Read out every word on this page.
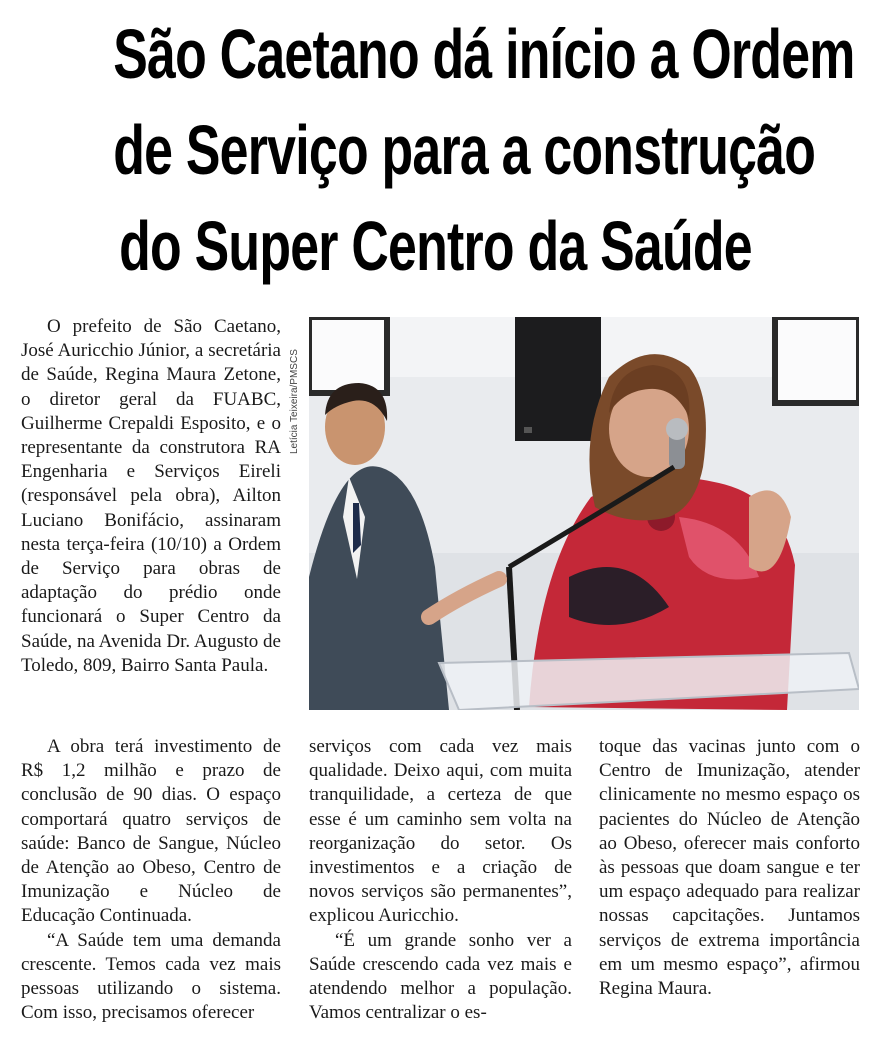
São Caetano dá início a Ordem
de Serviço para a construção
do Super Centro da Saúde

O prefeito de São Caetano, José Auricchio Júnior, a secretária de Saúde, Regina Maura Zetone, o diretor geral da FUABC, Guilherme Crepaldi Esposito, e o representante da construtora RA Engenharia e Serviços Eireli (responsável pela obra), Ailton Luciano Bonifácio, assinaram nesta terça-feira (10/10) a Ordem de Serviço para obras de adaptação do prédio onde funcionará o Super Centro da Saúde, na Avenida Dr. Augusto de Toledo, 809, Bairro Santa Paula.

Letícia Teixeira/PMSCS

A obra terá investimento de R$ 1,2 milhão e prazo de conclusão de 90 dias. O espaço comportará quatro serviços de saúde: Banco de Sangue, Núcleo de Atenção ao Obeso, Centro de Imunização e Núcleo de Educação Continuada.

“A Saúde tem uma demanda crescente. Temos cada vez mais pessoas utilizando o sistema. Com isso, precisamos oferecer

serviços com cada vez mais qualidade. Deixo aqui, com muita tranquilidade, a certeza de que esse é um caminho sem volta na reorganização do setor. Os investimentos e a criação de novos serviços são permanentes”, explicou Auricchio.

“É um grande sonho ver a Saúde crescendo cada vez mais e atendendo melhor a população. Vamos centralizar o es-

toque das vacinas junto com o Centro de Imunização, atender clinicamente no mesmo espaço os pacientes do Núcleo de Atenção ao Obeso, oferecer mais conforto às pessoas que doam sangue e ter um espaço adequado para realizar nossas capcitações. Juntamos serviços de extrema importância em um mesmo espaço”, afirmou Regina Maura.
